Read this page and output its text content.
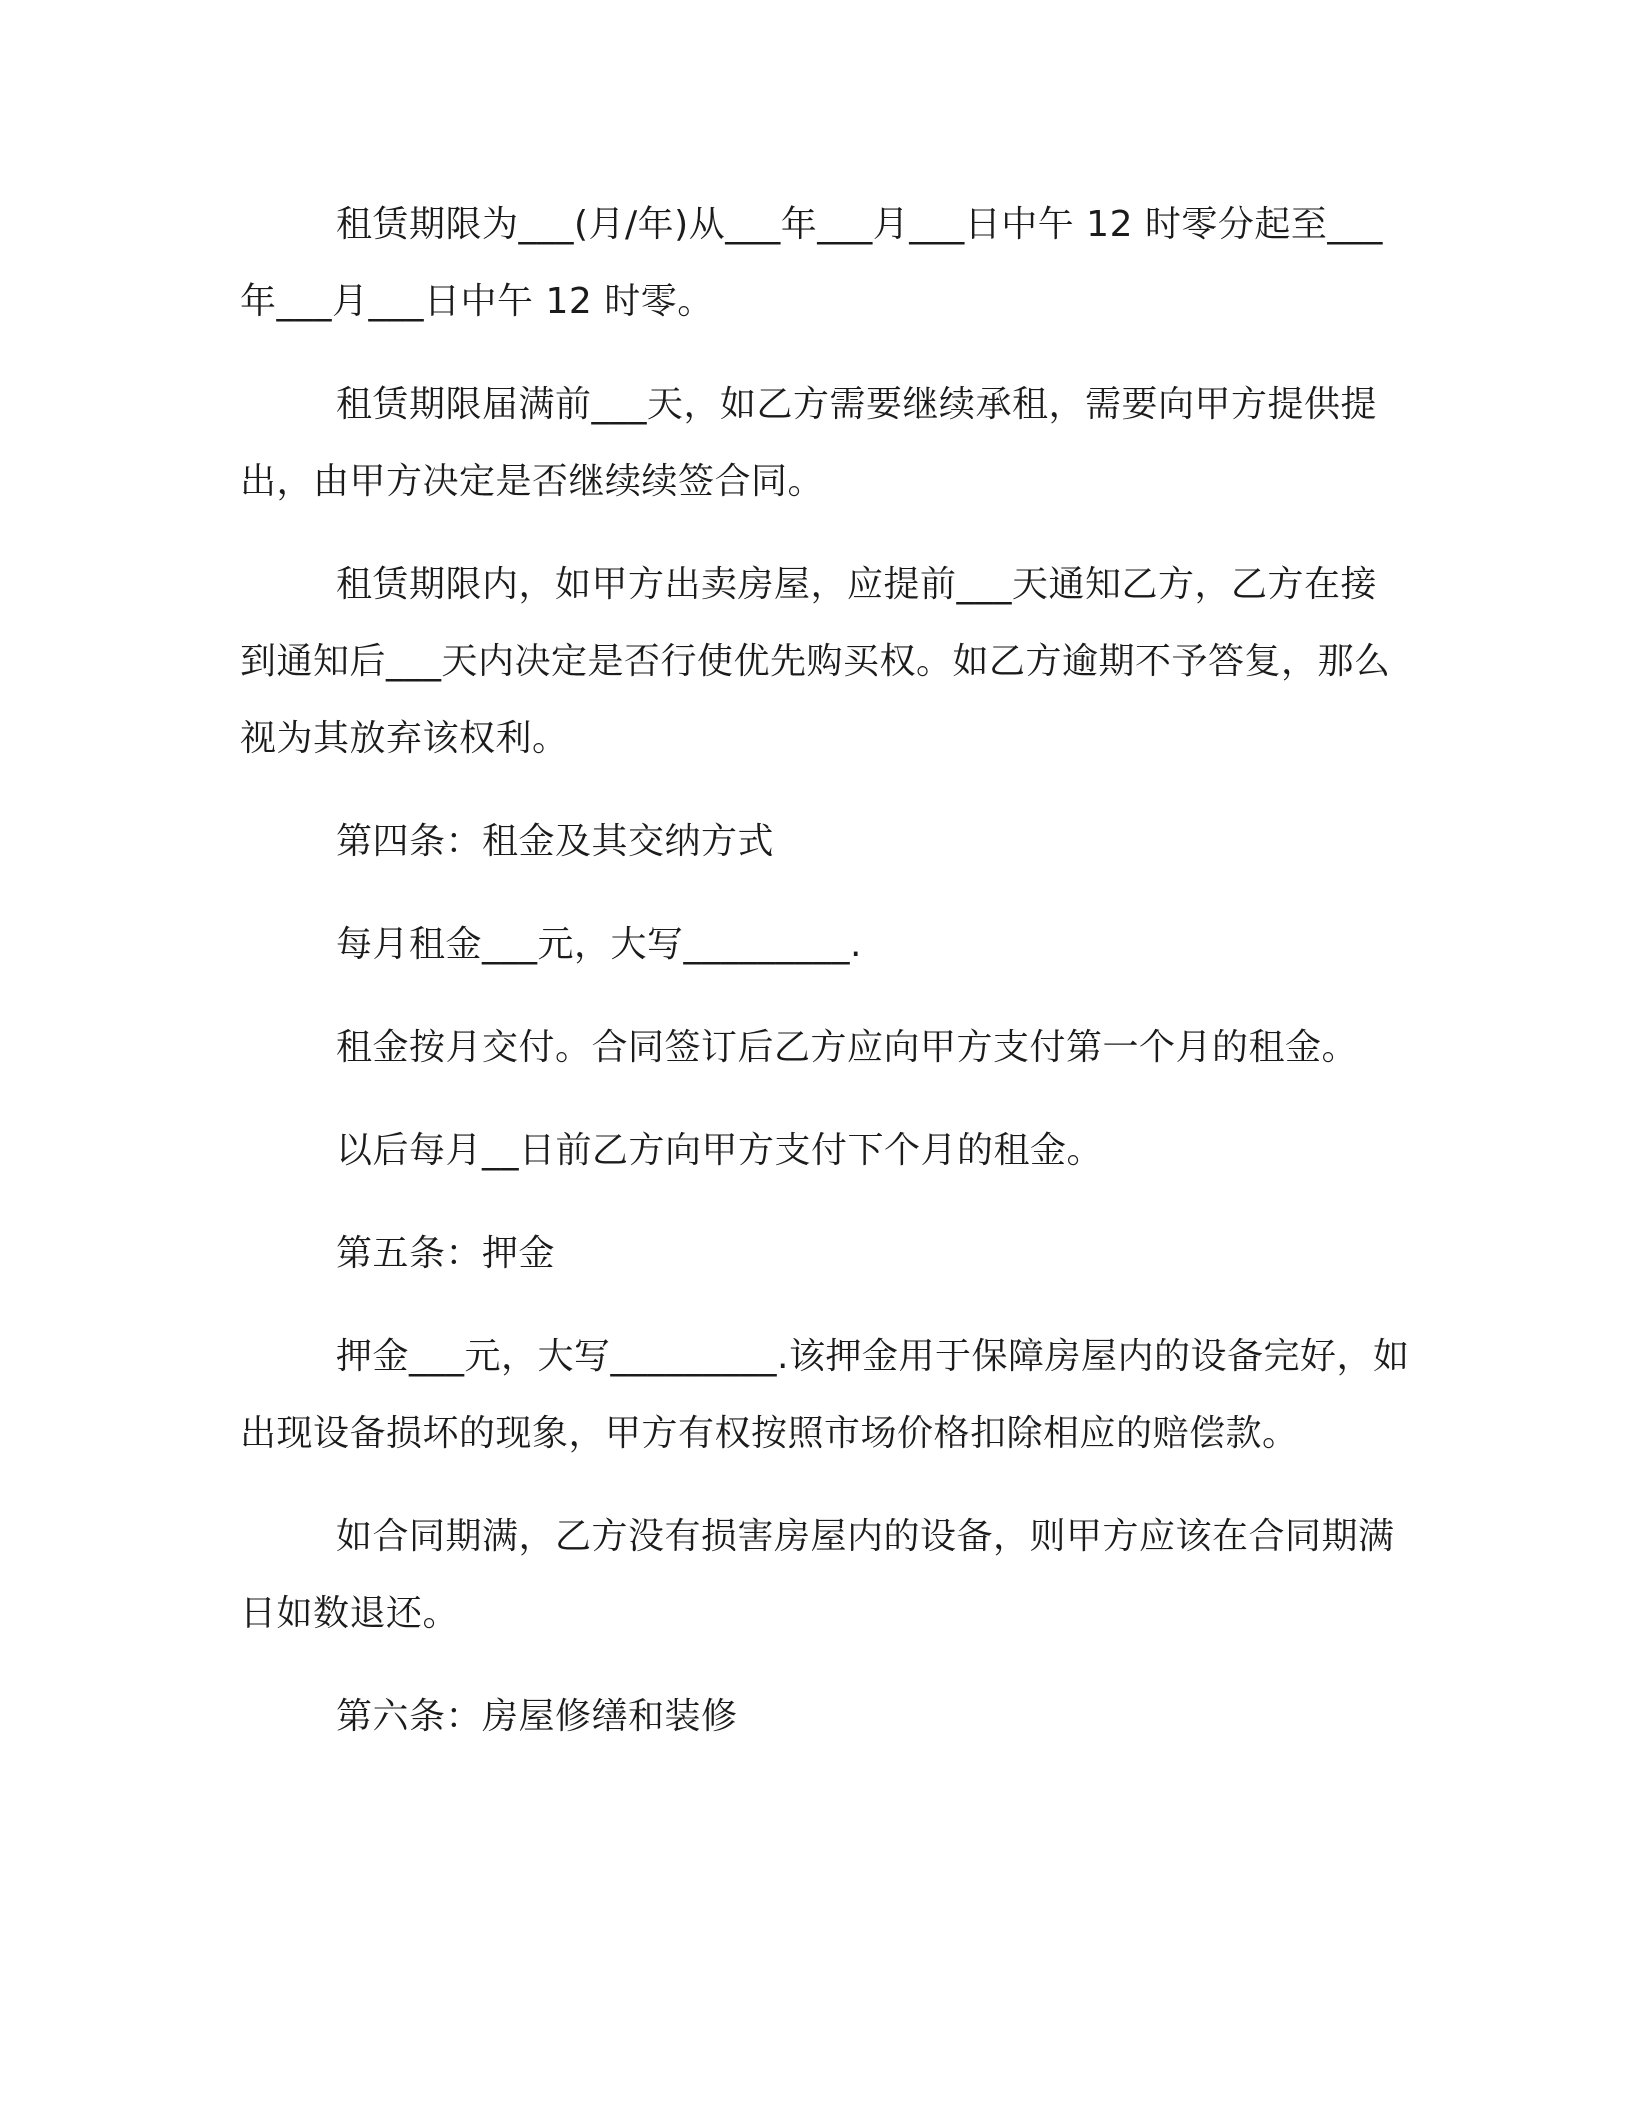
租赁期限为___(月/年)从___年___月___日中午 12 时零分起至___年___月___日中午 12 时零。

租赁期限届满前___天，如乙方需要继续承租，需要向甲方提供提出，由甲方决定是否继续续签合同。

租赁期限内，如甲方出卖房屋，应提前___天通知乙方，乙方在接到通知后___天内决定是否行使优先购买权。如乙方逾期不予答复，那么视为其放弃该权利。

第四条：租金及其交纳方式

每月租金___元，大写_________.

租金按月交付。合同签订后乙方应向甲方支付第一个月的租金。

以后每月__日前乙方向甲方支付下个月的租金。

第五条：押金

押金___元，大写_________.该押金用于保障房屋内的设备完好，如出现设备损坏的现象，甲方有权按照市场价格扣除相应的赔偿款。

如合同期满，乙方没有损害房屋内的设备，则甲方应该在合同期满日如数退还。

第六条：房屋修缮和装修
